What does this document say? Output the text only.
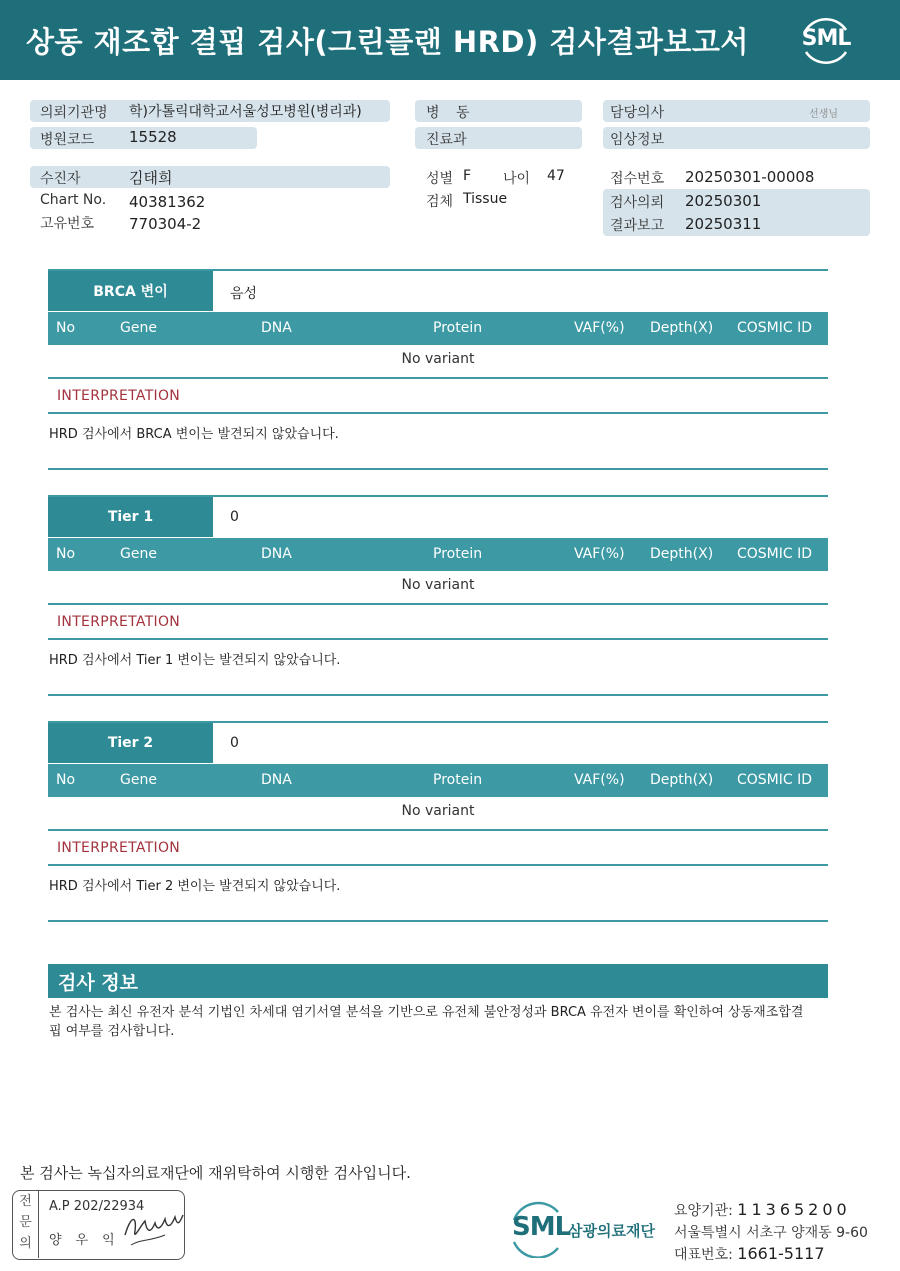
상동 재조합 결핍 검사(그린플랜 HRD) 검사결과보고서 SML
의뢰기관명 학)가톨릭대학교서울성모병원(병리과)
병원코드 15528
수진자	김태희
Chart No. 40381362
고유번호 770304-2
병 동
진료과
성별 F 나이 47
검체 Tissue
담당의사	선생님
임상정보
접수번호 20250301-00008
검사의뢰 20250301
결과보고 20250311
BRCA 변이	음성
No	Gene	DNA	Protein	VAF(%) Depth(X) COSMIC ID
No variant
INTERPRETATION
HRD 검사에서 BRCA 변이는 발견되지 않았습니다.
Tier 1	0
No	Gene	DNA	Protein	VAF(%) Depth(X) COSMIC ID
No variant
INTERPRETATION
HRD 검사에서 Tier 1 변이는 발견되지 않았습니다.
Tier 2	0
No	Gene	DNA	Protein	VAF(%) Depth(X) COSMIC ID
No variant
INTERPRETATION
HRD 검사에서 Tier 2 변이는 발견되지 않았습니다.
검사 정보
본 검사는 최신 유전자 분석 기법인 차세대 염기서열 분석을 기반으로 유전체 불안정성과 BRCA 유전자 변이를 확인하여 상동재조합결핍 여부를 검사합니다.
본 검사는 녹십자의료재단에 재위탁하여 시행한 검사입니다.
전
문
의
A.P 202/22934
양우익	SML
삼광의료재단
요양기관: 11365200
서울특별시 서초구 양재동 9-60
대표번호: 1661-5117
